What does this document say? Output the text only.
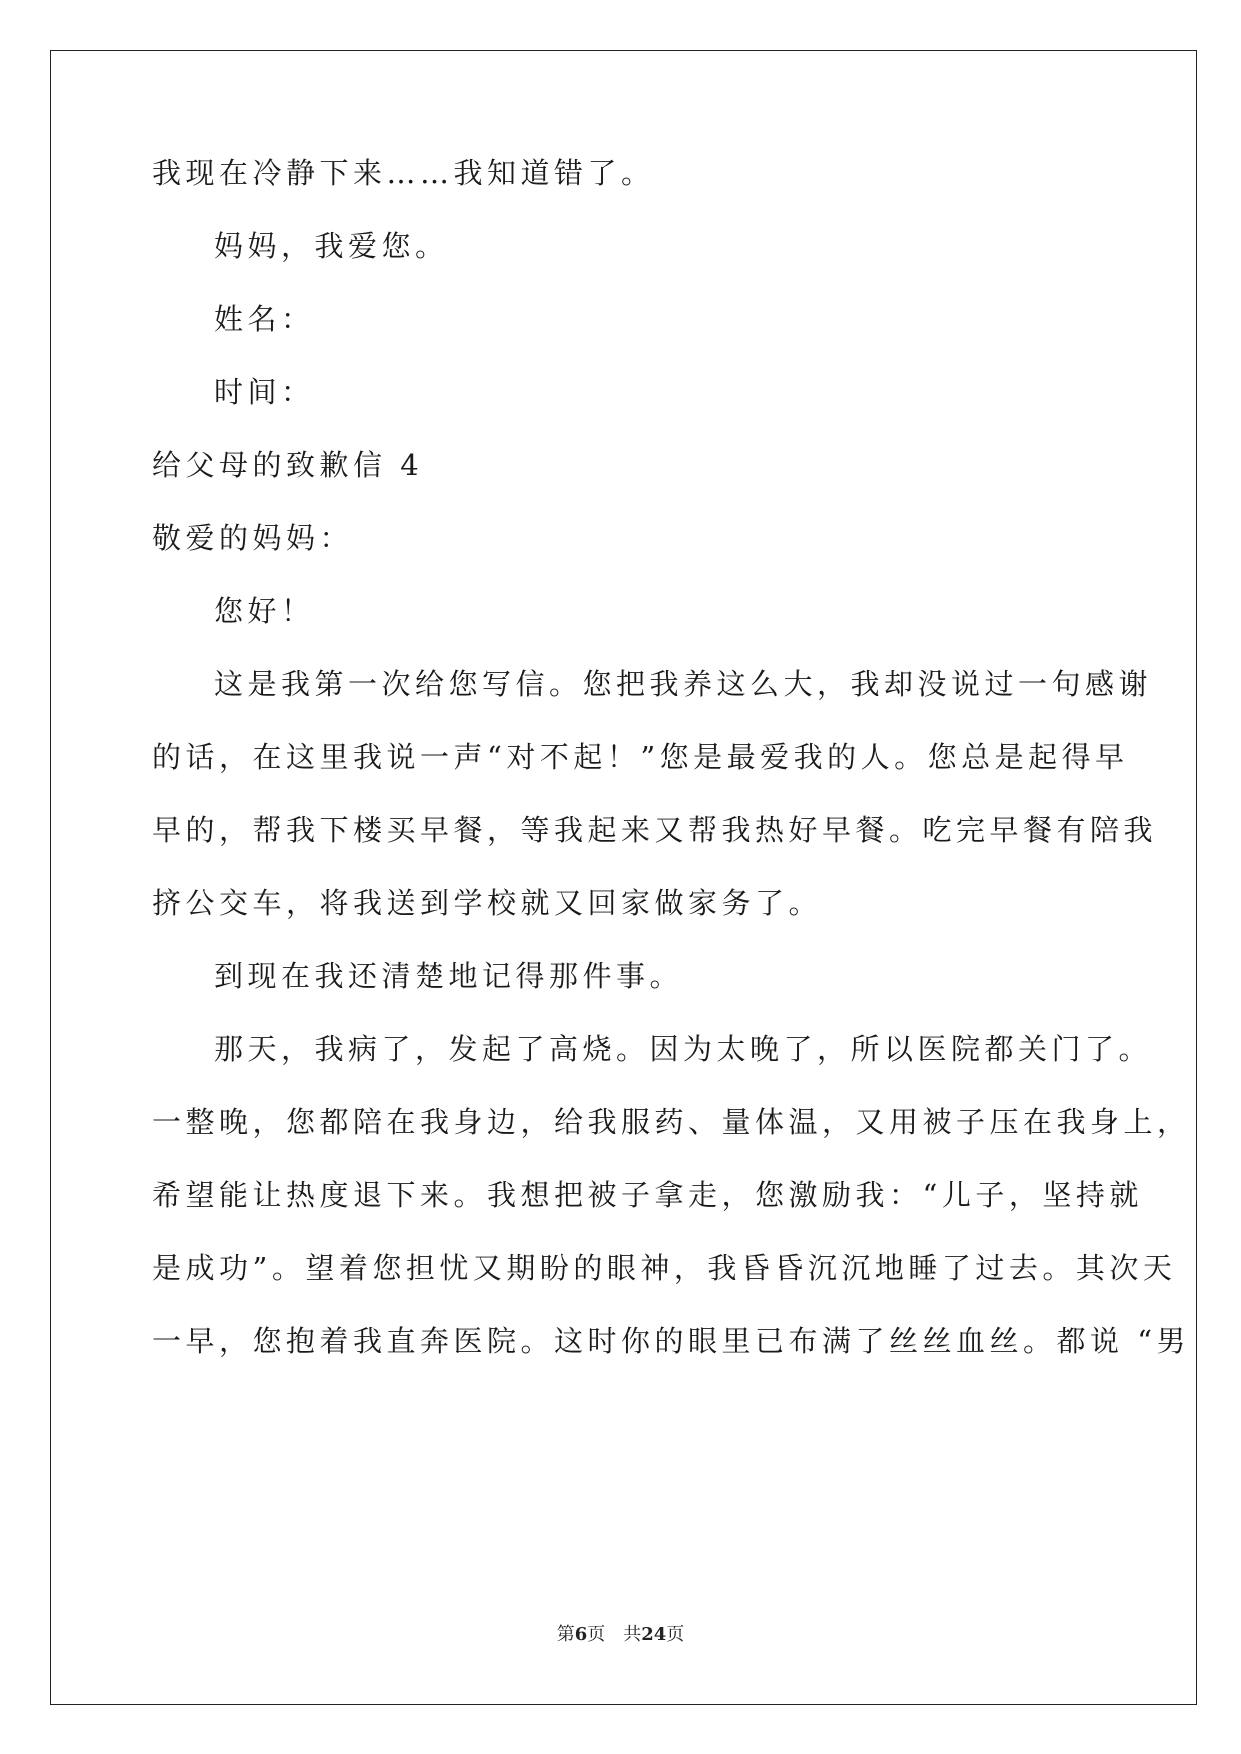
我现在冷静下来……我知道错了。
妈妈，我爱您。
姓名：
时间：
给父母的致歉信 4
敬爱的妈妈：
您好！
这是我第一次给您写信。您把我养这么大，我却没说过一句感谢
的话，在这里我说一声“对不起！”您是最爱我的人。您总是起得早
早的，帮我下楼买早餐，等我起来又帮我热好早餐。吃完早餐有陪我
挤公交车，将我送到学校就又回家做家务了。
到现在我还清楚地记得那件事。
那天，我病了，发起了高烧。因为太晚了，所以医院都关门了。
一整晚，您都陪在我身边，给我服药、量体温，又用被子压在我身上，
希望能让热度退下来。我想把被子拿走，您激励我：“儿子，坚持就
是成功”。望着您担忧又期盼的眼神，我昏昏沉沉地睡了过去。其次天
一早，您抱着我直奔医院。这时你的眼里已布满了丝丝血丝。都说 “男
第6页 共24页
